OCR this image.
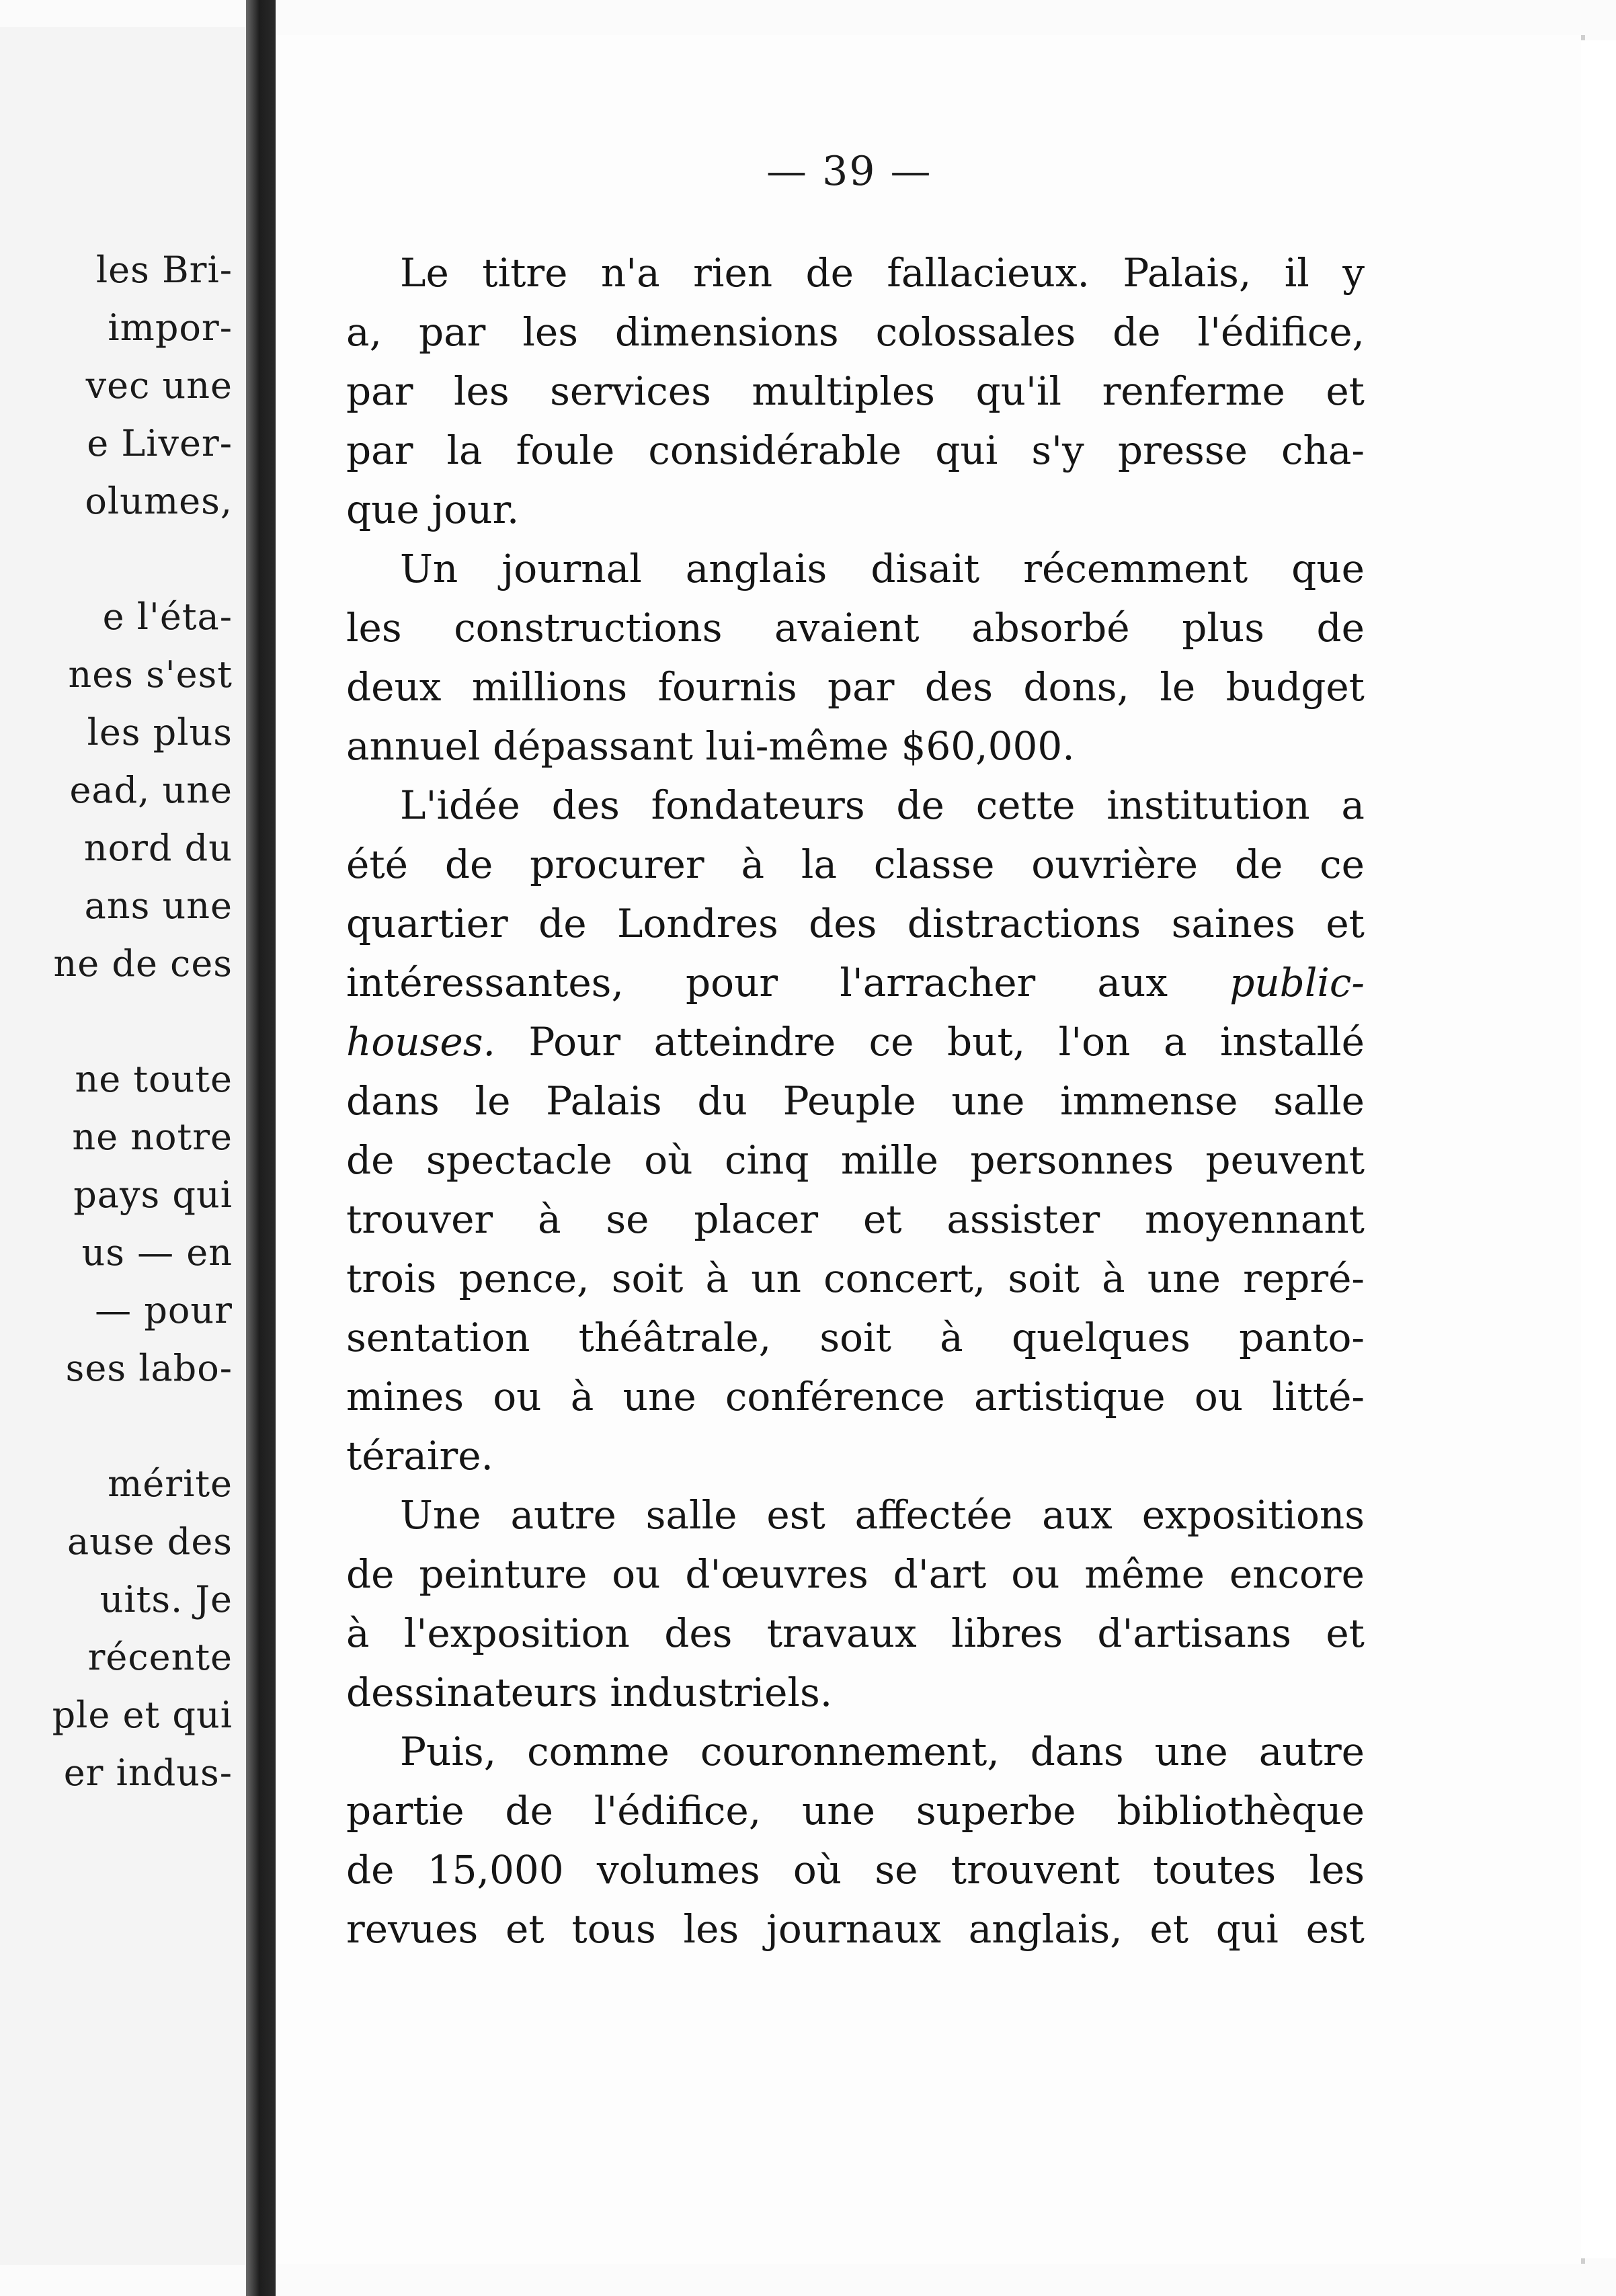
les Bri-
impor-
vec une
e Liver-
olumes,
e l'éta-
nes s'est
les plus
ead, une
nord du
ans une
ne de ces
ne toute
ne notre
pays qui
us — en
— pour
ses labo-
mérite
ause des
uits. Je
récente
ple et qui
er indus-
— 39 —
Le titre n'a rien de fallacieux. Palais, il y
a, par les dimensions colossales de l'édifice,
par les services multiples qu'il renferme et
par la foule considérable qui s'y presse cha-
que jour.
Un journal anglais disait récemment que
les constructions avaient absorbé plus de
deux millions fournis par des dons, le budget
annuel dépassant lui-même $60,000.
L'idée des fondateurs de cette institution a
été de procurer à la classe ouvrière de ce
quartier de Londres des distractions saines et
intéressantes, pour l'arracher aux public-
houses. Pour atteindre ce but, l'on a installé
dans le Palais du Peuple une immense salle
de spectacle où cinq mille personnes peuvent
trouver à se placer et assister moyennant
trois pence, soit à un concert, soit à une repré-
sentation théâtrale, soit à quelques panto-
mines ou à une conférence artistique ou litté-
téraire.
Une autre salle est affectée aux expositions
de peinture ou d'œuvres d'art ou même encore
à l'exposition des travaux libres d'artisans et
dessinateurs industriels.
Puis, comme couronnement, dans une autre
partie de l'édifice, une superbe bibliothèque
de 15,000 volumes où se trouvent toutes les
revues et tous les journaux anglais, et qui est
